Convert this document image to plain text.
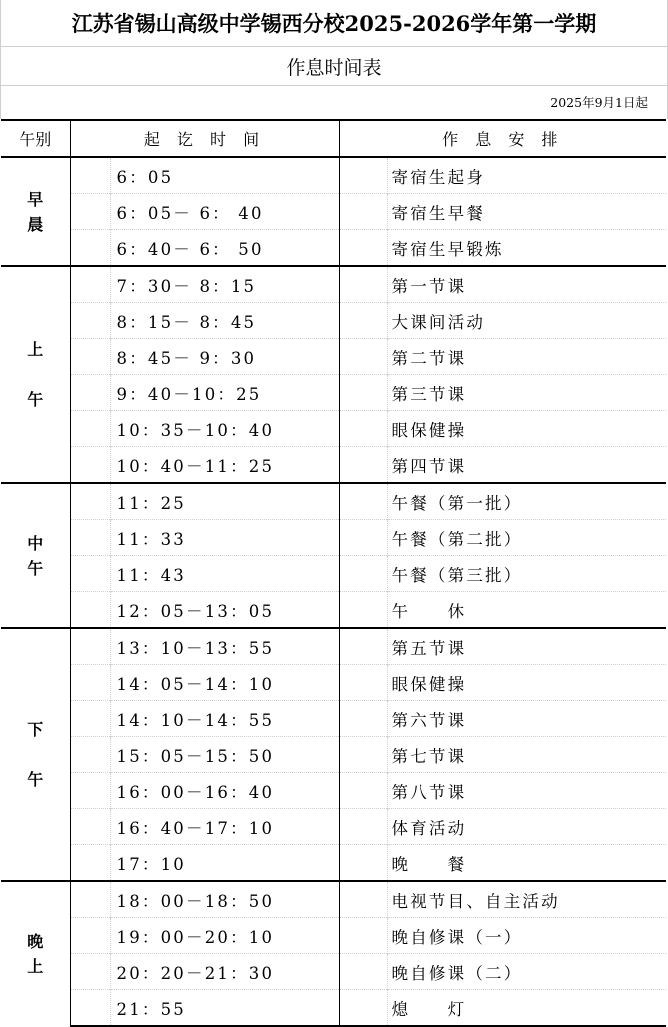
江苏省锡山高级中学锡西分校2025-2026学年第一学期
作息时间表
2025年9月1日起
午别	起 讫 时 间		作 息 安 排	

早
晨		6：05		寄宿生起身
		6：05－ 6： 40		寄宿生早餐
		6：40－ 6： 50		寄宿生早锻炼

上

午		7：30－ 8：15		第一节课
		8：15－ 8：45		大课间活动
		8：45－ 9：30		第二节课
		9：40－10：25		第三节课
		10：35－10：40		眼保健操
		10：40－11：25		第四节课

中
午		11：25		午餐（第一批）
		11：33		午餐（第二批）
		11：43		午餐（第三批）
		12：05－13：05		午　　休

下

午		13：10－13：55		第五节课
		14：05－14：10		眼保健操
		14：10－14：55		第六节课
		15：05－15：50		第七节课
		16：00－16：40		第八节课
		16：40－17：10		体育活动
		17：10		晚　　餐

晚
上		18：00－18：50		电视节目、自主活动
		19：00－20：10		晚自修课（一）
		20：20－21：30		晚自修课（二）
		21：55		熄　　灯
